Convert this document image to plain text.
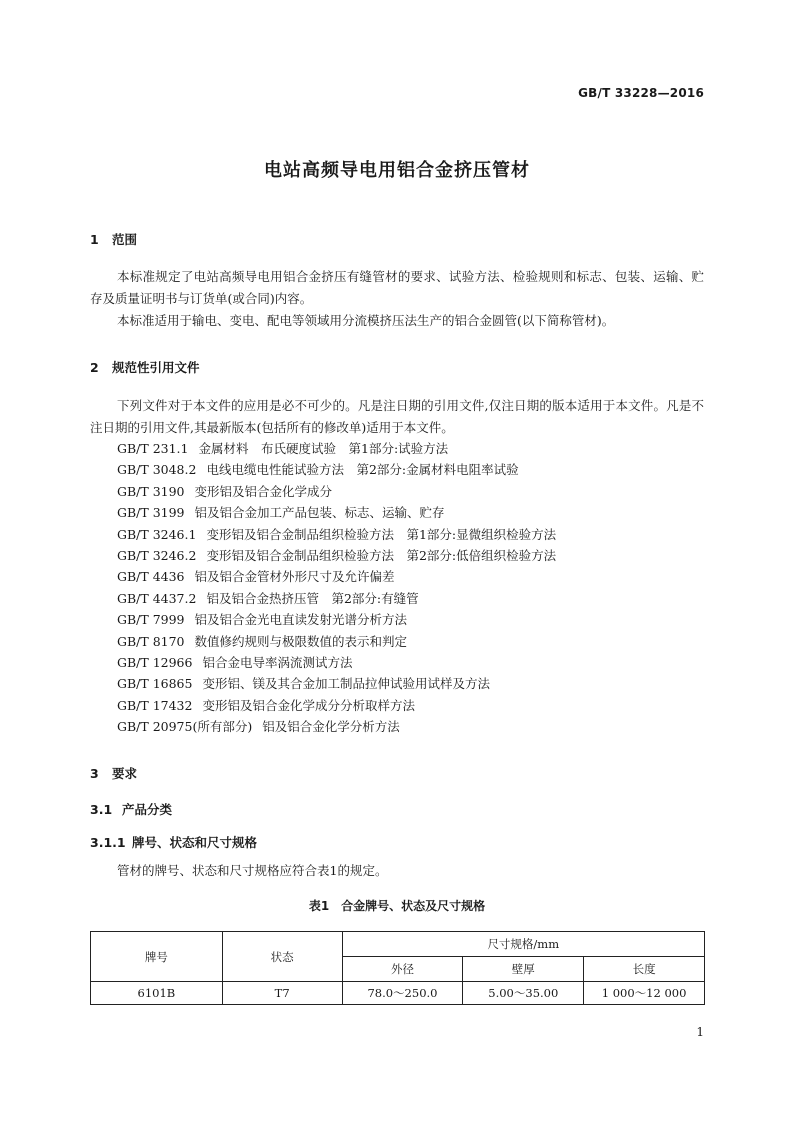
GB/T 33228—2016
电站高频导电用铝合金挤压管材
1 范围
本标准规定了电站高频导电用铝合金挤压有缝管材的要求、试验方法、检验规则和标志、包装、运输、贮存及质量证明书与订货单(或合同)内容。
本标准适用于输电、变电、配电等领域用分流模挤压法生产的铝合金圆管(以下简称管材)。
2 规范性引用文件
下列文件对于本文件的应用是必不可少的。凡是注日期的引用文件,仅注日期的版本适用于本文件。凡是不注日期的引用文件,其最新版本(包括所有的修改单)适用于本文件。
GB/T 231.1 金属材料　布氏硬度试验　第1部分:试验方法
GB/T 3048.2 电线电缆电性能试验方法　第2部分:金属材料电阻率试验
GB/T 3190 变形铝及铝合金化学成分
GB/T 3199 铝及铝合金加工产品包装、标志、运输、贮存
GB/T 3246.1 变形铝及铝合金制品组织检验方法　第1部分:显微组织检验方法
GB/T 3246.2 变形铝及铝合金制品组织检验方法　第2部分:低倍组织检验方法
GB/T 4436 铝及铝合金管材外形尺寸及允许偏差
GB/T 4437.2 铝及铝合金热挤压管　第2部分:有缝管
GB/T 7999 铝及铝合金光电直读发射光谱分析方法
GB/T 8170 数值修约规则与极限数值的表示和判定
GB/T 12966 铝合金电导率涡流测试方法
GB/T 16865 变形铝、镁及其合金加工制品拉伸试验用试样及方法
GB/T 17432 变形铝及铝合金化学成分分析取样方法
GB/T 20975(所有部分) 铝及铝合金化学分析方法
3 要求
3.1 产品分类
3.1.1 牌号、状态和尺寸规格
管材的牌号、状态和尺寸规格应符合表1的规定。
表1　合金牌号、状态及尺寸规格
牌号	状态	尺寸规格/mm		
		外径	壁厚	长度
6101B	T7	78.0～250.0	5.00～35.00	1 000～12 000
1
